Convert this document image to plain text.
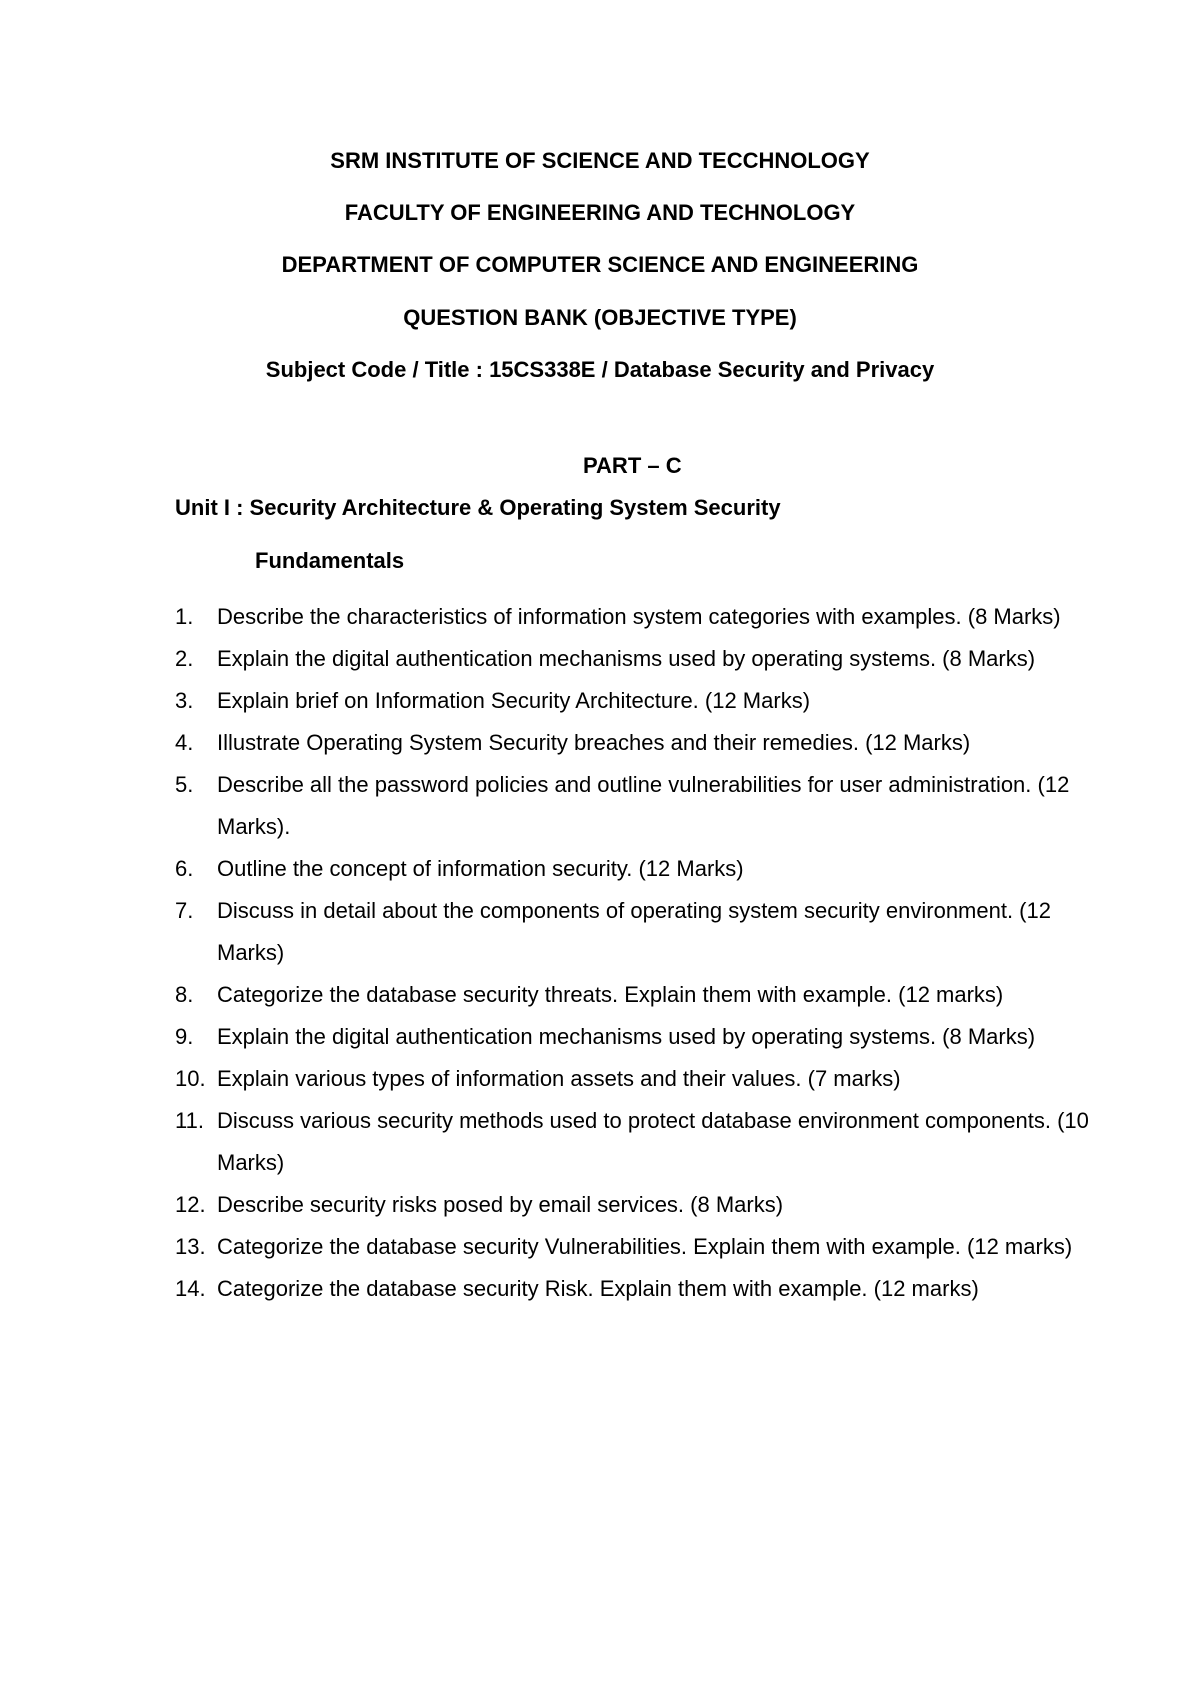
SRM INSTITUTE OF SCIENCE AND TECCHNOLOGY
FACULTY OF ENGINEERING AND TECHNOLOGY
DEPARTMENT OF COMPUTER SCIENCE AND ENGINEERING
QUESTION BANK (OBJECTIVE TYPE)
Subject Code / Title : 15CS338E / Database Security and Privacy
PART – C
Unit I : Security Architecture & Operating System Security
Fundamentals
1.	Describe the characteristics of information system categories with examples. (8 Marks)
2.	Explain the digital authentication mechanisms used by operating systems. (8 Marks)
3.	Explain brief on Information Security Architecture. (12 Marks)
4.	Illustrate Operating System Security breaches and their remedies. (12 Marks)
5.	Describe all the password policies and outline vulnerabilities for user administration. (12 Marks).
6.	Outline the concept of information security. (12 Marks)
7.	Discuss in detail about the components of operating system security environment. (12 Marks)
8.	Categorize the database security threats. Explain them with example. (12 marks)
9.	Explain the digital authentication mechanisms used by operating systems. (8 Marks)
10. Explain various types of information assets and their values. (7 marks)
11. Discuss various security methods used to protect database environment components. (10 Marks)
12. Describe security risks posed by email services. (8 Marks)
13. Categorize the database security Vulnerabilities. Explain them with example. (12 marks)
14. Categorize the database security Risk. Explain them with example. (12 marks)
